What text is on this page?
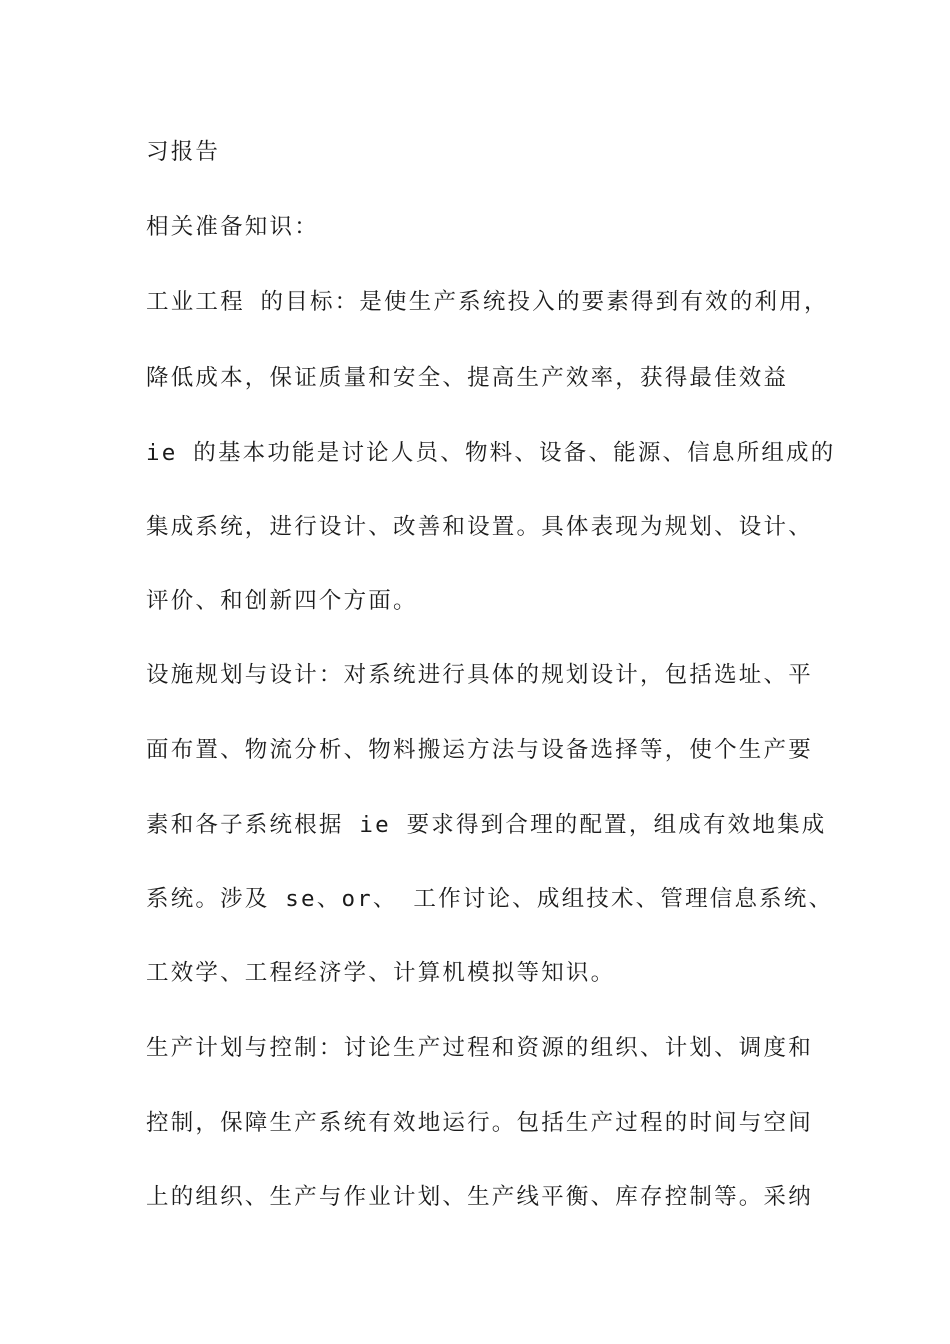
习报告
相关准备知识：
工业工程 的目标：是使生产系统投入的要素得到有效的利用，
降低成本，保证质量和安全、提高生产效率，获得最佳效益
ie 的基本功能是讨论人员、物料、设备、能源、信息所组成的
集成系统，进行设计、改善和设置。具体表现为规划、设计、
评价、和创新四个方面。
设施规划与设计：对系统进行具体的规划设计，包括选址、平
面布置、物流分析、物料搬运方法与设备选择等，使个生产要
素和各子系统根据 ie 要求得到合理的配置，组成有效地集成
系统。涉及 se、or、 工作讨论、成组技术、管理信息系统、
工效学、工程经济学、计算机模拟等知识。
生产计划与控制：讨论生产过程和资源的组织、计划、调度和
控制，保障生产系统有效地运行。包括生产过程的时间与空间
上的组织、生产与作业计划、生产线平衡、库存控制等。采纳
